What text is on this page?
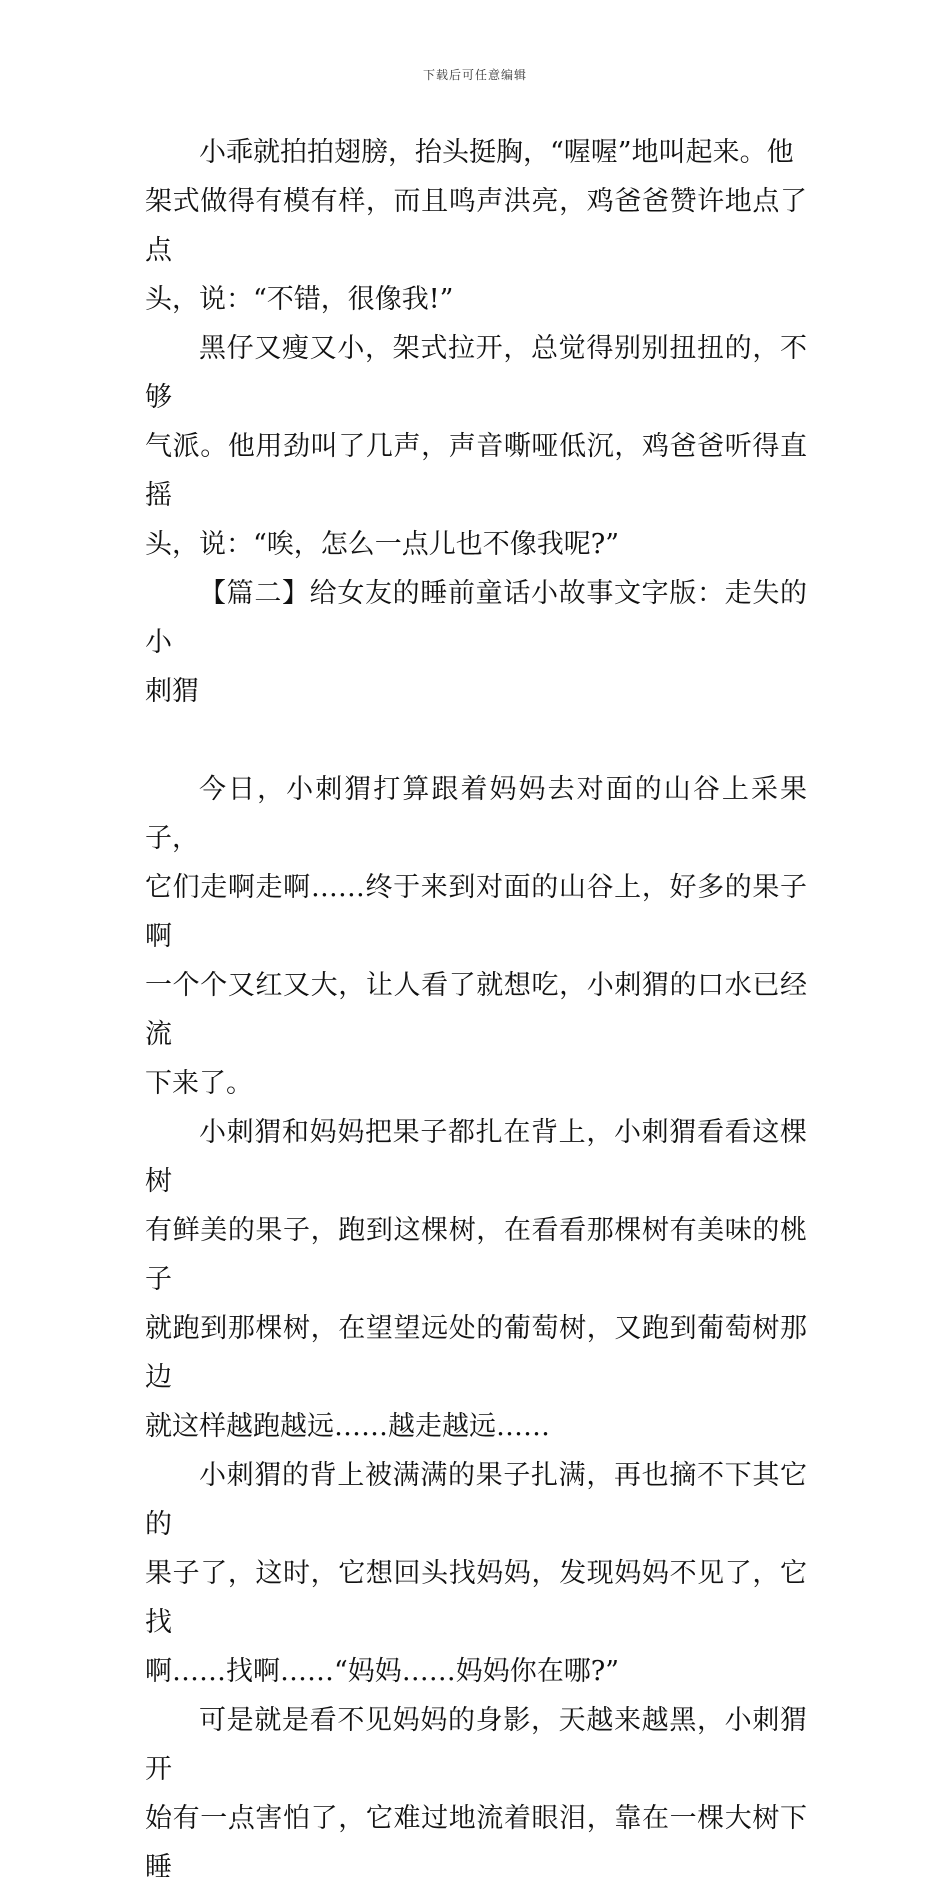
下载后可任意编辑

小乖就拍拍翅膀，抬头挺胸，“喔喔”地叫起来。他
架式做得有模有样，而且鸣声洪亮，鸡爸爸赞许地点了点
头，说：“不错，很像我!”

黑仔又瘦又小，架式拉开，总觉得别别扭扭的，不够
气派。他用劲叫了几声，声音嘶哑低沉，鸡爸爸听得直摇
头，说：“唉，怎么一点儿也不像我呢?”

【篇二】给女友的睡前童话小故事文字版：走失的小
刺猬

今日，小刺猬打算跟着妈妈去对面的山谷上采果子，
它们走啊走啊……终于来到对面的山谷上，好多的果子啊
一个个又红又大，让人看了就想吃，小刺猬的口水已经流
下来了。

小刺猬和妈妈把果子都扎在背上，小刺猬看看这棵树
有鲜美的果子，跑到这棵树，在看看那棵树有美味的桃子
就跑到那棵树，在望望远处的葡萄树，又跑到葡萄树那边
就这样越跑越远……越走越远……

小刺猬的背上被满满的果子扎满，再也摘不下其它的
果子了，这时，它想回头找妈妈，发现妈妈不见了，它找
啊……找啊……“妈妈……妈妈你在哪?”

可是就是看不见妈妈的身影，天越来越黑，小刺猬开
始有一点害怕了，它难过地流着眼泪，靠在一棵大树下睡
